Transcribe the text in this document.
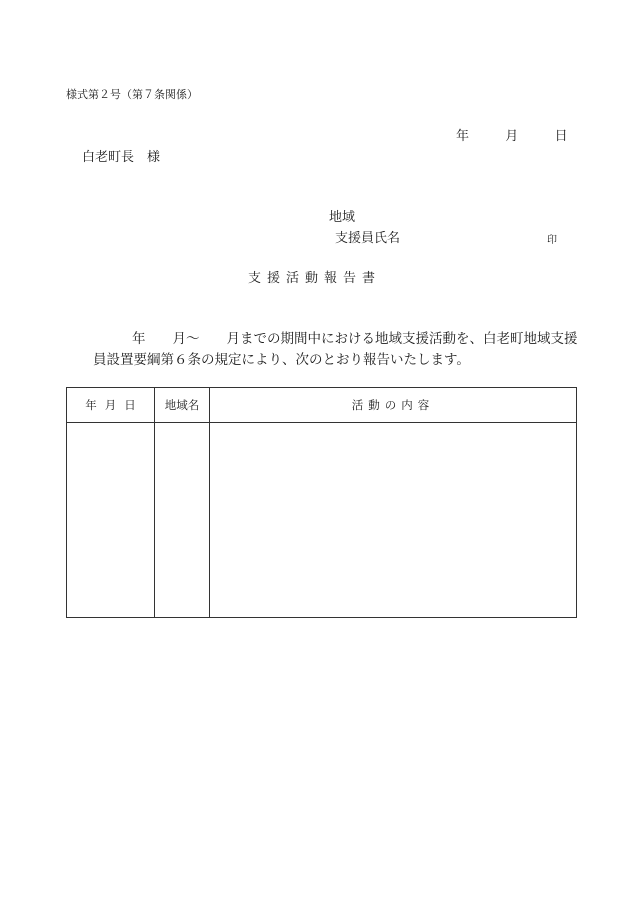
様式第２号（第７条関係）
年	月	日
白老町長　様
地域
支援員氏名	印
支援活動報告書
年　　月～　　月までの期間中における地域支援活動を、白老町地域支援
員設置要綱第６条の規定により、次のとおり報告いたします。
年月日	地域名	活動の内容
